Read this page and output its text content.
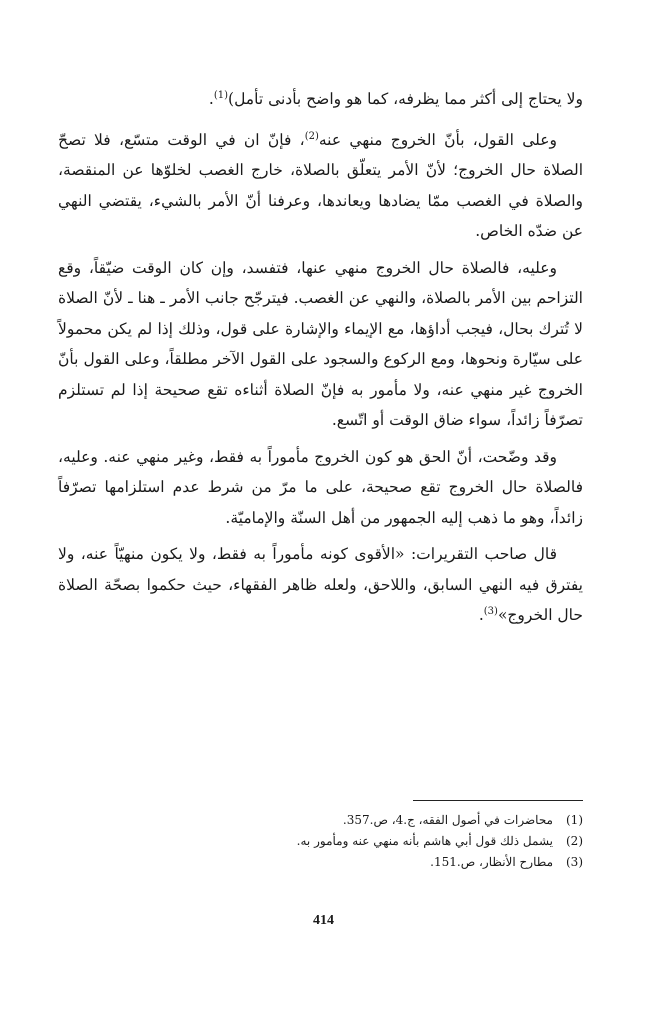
ولا يحتاج إلى أكثر مما يظرفه، كما هو واضح بأدنى تأمل)$^{(1)}$.

وعلى القول، بأنّ الخروج منهي عنه$^{(2)}$، فإنّ ان في الوقت متسّع، فلا تصحّ الصلاة حال الخروج؛ لأنّ الأمر يتعلّق بالصلاة، خارج الغصب لخلوّها عن المنقصة، والصلاة في الغصب ممّا يضادها ويعاندها، وعرفنا أنّ الأمر بالشيء، يقتضي النهي عن ضدّه الخاص.

وعليه، فالصلاة حال الخروج منهي عنها، فتفسد، وإن كان الوقت ضيّقاً، وقع التزاحم بين الأمر بالصلاة، والنهي عن الغصب. فيترجّح جانب الأمر ـ هنا ـ لأنّ الصلاة لا تُترك بحال، فيجب أداؤها، مع الإيماء والإشارة على قول، وذلك إذا لم يكن محمولاً على سيّارة ونحوها، ومع الركوع والسجود على القول الآخر مطلقاً، وعلى القول بأنّ الخروج غير منهي عنه، ولا مأمور به فإنّ الصلاة أثناءه تقع صحيحة إذا لم تستلزم تصرّفاً زائداً، سواء ضاق الوقت أو اتّسع.

وقد وضّحت، أنّ الحق هو كون الخروج مأموراً به فقط، وغير منهي عنه. وعليه، فالصلاة حال الخروج تقع صحيحة، على ما مرّ من شرط عدم استلزامها تصرّفاً زائداً، وهو ما ذهب إليه الجمهور من أهل السنّة والإماميّة.

قال صاحب التقريرات: «الأقوى كونه مأموراً به فقط، ولا يكون منهيّاً عنه، ولا يفترق فيه النهي السابق، واللاحق، ولعله ظاهر الفقهاء، حيث حكموا بصحّة الصلاة حال الخروج»$^{(3)}$.

(1)
محاضرات في أصول الفقه، ج.4، ص.357.
(2)
يشمل ذلك قول أبي هاشم بأنه منهي عنه ومأمور به.
(3)
مطارح الأنظار، ص.151.
414
